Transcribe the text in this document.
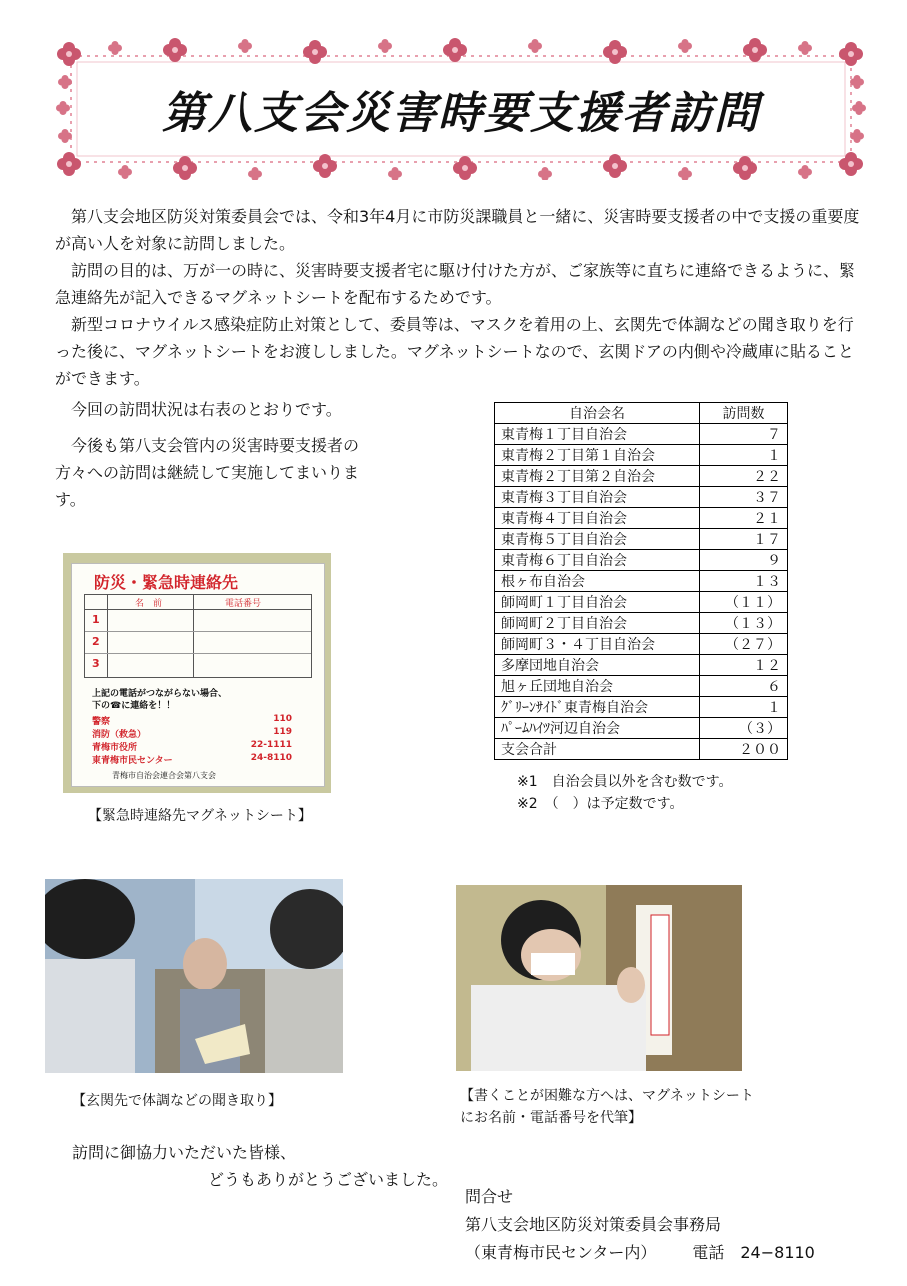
第八支会災害時要支援者訪問
　第八支会地区防災対策委員会では、令和3年4月に市防災課職員と一緒に、災害時要支援者の中で支援の重要度が高い人を対象に訪問しました。
　訪問の目的は、万が一の時に、災害時要支援者宅に駆け付けた方が、ご家族等に直ちに連絡できるように、緊急連絡先が記入できるマグネットシートを配布するためです。
　新型コロナウイルス感染症防止対策として、委員等は、マスクを着用の上、玄関先で体調などの聞き取りを行った後に、マグネットシートをお渡ししました。マグネットシートなので、玄関ドアの内側や冷蔵庫に貼ることができます。
　今回の訪問状況は右表のとおりです。
　今後も第八支会管内の災害時要支援者の方々への訪問は継続して実施してまいります。
自治会名	訪問数
東青梅１丁目自治会	７
東青梅２丁目第１自治会	１
東青梅２丁目第２自治会	２２
東青梅３丁目自治会	３７
東青梅４丁目自治会	２１
東青梅５丁目自治会	１７
東青梅６丁目自治会	９
根ヶ布自治会	１３
師岡町１丁目自治会	（１１）
師岡町２丁目自治会	（１３）
師岡町３・４丁目自治会	（２７）
多摩団地自治会	１２
旭ヶ丘団地自治会	６
ｸﾞﾘｰﾝｻｲﾄﾞ東青梅自治会	１
ﾊﾟｰﾑﾊｲﾂ河辺自治会	（３）
支会合計	２００
※1　自治会員以外を含む数です。
※2　（　）は予定数です。
防災・緊急時連絡先
名　前	電話番号
1
2
3
上記の電話がつながらない場合、
下の☎に連絡を！！
警察	110
消防（救急）	119
青梅市役所	22-1111
東青梅市民センター	24-8110
青梅市自治会連合会第八支会
【緊急時連絡先マグネットシート】
【玄関先で体調などの聞き取り】	【書くことが困難な方へは、マグネットシート
にお名前・電話番号を代筆】
訪問に御協力いただいた皆様、
どうもありがとうございました。
問合せ
第八支会地区防災対策委員会事務局
（東青梅市民センター内） 電話　24−8110
